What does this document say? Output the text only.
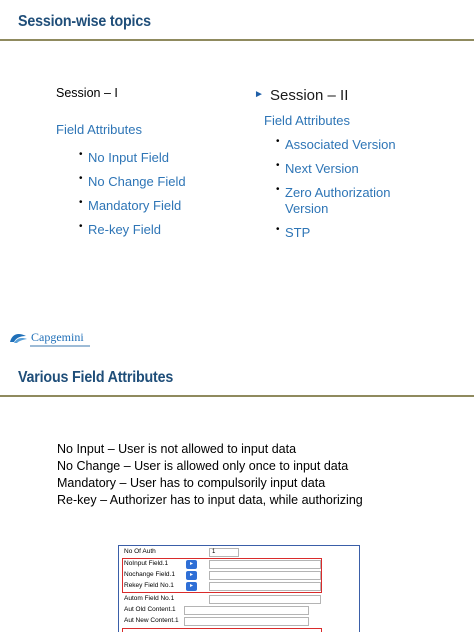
Session-wise topics
Session – I
Field Attributes
• No Input Field
• No Change Field
• Mandatory Field
• Re-key Field
► Session – II
Field Attributes
• Associated Version
• Next Version
• Zero Authorization
Version
• STP
Capgemini
Various Field Attributes
No Input – User is not allowed to input data
No Change – User is allowed only once to input data
Mandatory – User has to compulsorily input data
Re-key – Authorizer has to input data, while authorizing
No Of Auth	1
NoInput Field.1	▸
Nochange Field.1	▸
Rekey Field No.1	▸
Autom Field No.1
Aut Old Content.1
Aut New Content.1
